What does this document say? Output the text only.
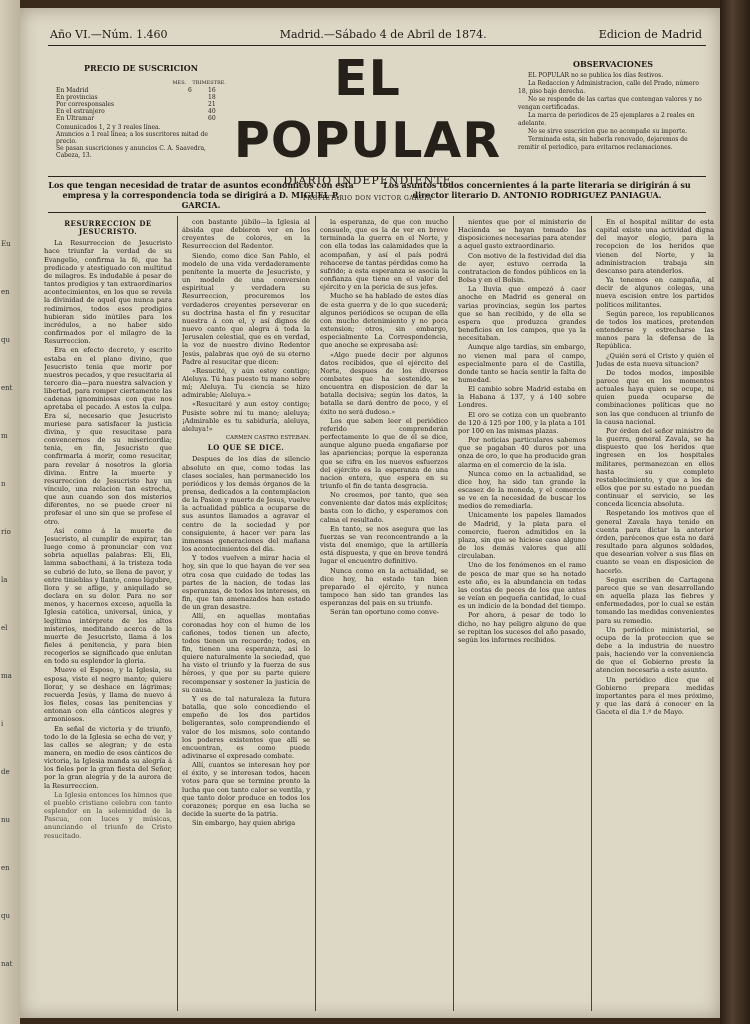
Eu
en
qu
ent
m
n
rio
la
el
ma
i
de
nu
en
qu
nat
Año VI.—Núm. 1.460	Madrid.—Sábado 4 de Abril de 1874.	Edicion de Madrid
PRECIO DE SUSCRICION
MES. TRIMESTRE.
En Madrid	6	16
En provincias	18
Por corresponsales	21
En el estranjero	40
En Ultramar	60
Comunicados 1, 2 y 3 reales línea.
Anuncios a 1 real línea; a los suscritores mitad de precio.
Se pasan suscriciones y anuncios C. A. Saavedra, Cabeza, 13.
EL POPULAR
DIARIO INDEPENDIENTE
PROPIETARIO DON VICTOR GARCIA
OBSERVACIONES
EL POPULAR no se publica los días festivos.
La Redaccion y Administracion, calle del Prado, número 18, piso bajo derecha.
No se responde de las cartas que contengan valores y no vengan certificadas.
La marca de periodicos de 25 ejemplares a 2 reales en adelante.
No se sirve suscricion que no acompañe su importe.
Terminada esta, sin haberla renovado, dejaremos de remitir el periodico, para evitarnos reclamaciones.
Los que tengan necesidad de tratar de asuntos económicos con esta empresa y la correspondencia toda se dirigirá a D. MIGUEL P. GARCIA.
Los asuntos todos concernientes á la parte literaria se dirigirán á su director literario D. ANTONIO RODRIGUEZ PANIAGUA.
RESURRECCION DE JESUCRISTO.

La Resurreccion de Jesucristo hace triunfar la verdad de su Evangelio, confirma la fé, que ha predicado y atestiguado con multitud de milagros. Es indudable á pesar de tantos prodigios y tan extraordinarios acontecimientos, en los que se revela la divinidad de aquel que nunca para redimirnos, todos esos prodigios hubieran sido inútiles para los incrédulos, a no haber sido confirmados por el milagro de la Resurreccion.

Era en efecto decreto, y escrito estaba en el plano divino, que Jesucristo tenia que morir por nuestros pecados, y que resucitaria al tercero dia—para nuestra salvacion y libertad, para romper ciertamente las cadenas ignominiosas con que nos apretaba el pecado. A estos la culpa. Era sí, necesario que Jesucristo muriese para satisfacer la justicia divina, y que resucitase para convencernos de su misericordia; tenia, en fin, Jesucristo que confirmarla á morir, como resucitar, para revelar á nosotros la gloria divina. Entre la muerte y resurreccion de Jesucristo hay un vínculo, una relacion tan estrecha, que aun cuando son dos misterios diferentes, no se puede creer ni profesar el uno sin que se profese el otro.

Así como á la muerte de Jesucristo, al cumplir de expirar, tan luego como á pronunciar con voz sobria aquellas palabras: Eli, Eli, lamma sabacthani, á la tristeza toda se cubrió de luto, se llena de pavor, y entre tinieblas y llanto, como lúgubre, llora y se aflige, y aniquilado se declara en su dolor. Para no ser menos, y hacernos exceso, aquella la Iglesia católica, universal, única, y legítima intérprete de los altos misterios, meditando acerca de la muerte de Jesucristo, llama á los fieles á penitencia, y para bien recogerlos se significado que enlutan en todo su esplendor la gloria.

Mueve el Esposo, y la Iglesia, su esposa, viste el negro manto; quiere llorar, y se deshace en lágrimas; recuerda Jesús, y llama de nuevo á los fieles, cosas las penitencias y entonan con ella cánticos alegres y armoniosos.

En señal de victoria y de triunfo, todo lo de la Iglesia se echa de ver, y las calles se alegran; y de esta manera, en medio de esos cánticos de victoria, la Iglesia manda su alegría á los fieles por la gran fiesta del Señor, por la gran alegría y de la aurora de la Resurreccion.

La Iglesia entonces los himnos que el pueblo cristiano celebra con tanto esplendor en la solemnidad de la Pascua, con luces y músicas, anunciando el triunfo de Cristo resucitado.

con bastante júbilo—la Iglesia al ábsida que debieron ver en los creyentes de colores, en la Resurreccion del Redentor.

Siendo, como dice San Pablo, el modelo de una vida verdaderamente penitente la muerte de Jesucristo, y un modelo de una conversion espiritual y verdadera su Resurreccion, procuremos los verdaderos creyentes perseverar en su doctrina hasta el fin y resucitar nuestra á con el, y así dignos de nuevo canto que alegra á toda la Jerusalen celestial, que es en verdad, la voz de nuestro divino Redentor Jesús, palabras que oyó de su eterno Padre al resucitar que dicen:

«Resucité, y aún estoy contigo; Aleluya. Tú has puesto tu mano sobre mí; Aleluya. Tu ciencia se hizo admirable; Aleluya.»

«Resucitaré y aun estoy contigo; Pusiste sobre mí tu mano; aleluya; ¡Admirable es tu sabiduría, aleluya, aleluya!»

CARMEN CASTRO ESTEBAN.

LO QUE SE DICE.

Despues de los días de silencio absoluto en que, como todas las clases sociales, han permanecido los periódicos y los demás órganos de la prensa, dedicados a la contemplacion de la Pasion y muerte de Jesus, vuelve la actualidad pública a ocuparse de sus asuntos llamados a agravar el centro de la sociedad y por consiguiente, á hacer ver para las inmensas generaciones del mañana los acontecimientos del dia.

Y todos vuelven a mirar hacia el hoy, sin que lo que hayan de ver sea otra cosa que cuidado de todas las partes de la nacion, de todas las esperanzas, de todos los intereses, en fin, que tan amenazados han estado de un gran desastre.

Allí, en aquellas montañas coronadas hoy con el humo de los cañones, todos tienen un afecto, todos tienen un recuerdo; todos, en fin, tienen una esperanza, así lo quiere naturalmente la sociedad, que ha visto el triunfo y la fuerza de sus héroes, y que por su parte quiere recompensar y sostener la justicia de su causa.

Y es de tal naturaleza la futura batalla, que solo concediendo el empeño de los dos partidos beligerantes, solo comprendiendo el valor de los mismos, solo contando los poderes existentes que allí se encuentran, es como puede adivinarse el expresado combate.

Allí, cuantos se interesan hoy por el éxito, y se interesan todos, hacen votos para que se termine pronto la lucha que con tanto calor se ventila, y que tanto dolor produce en todos los corazones; porque en esa lucha se decide la suerte de la patria.

Sin embargo, hay quien abriga

la esperanza, de que con mucho consuelo, que es la de ver en breve terminada la guerra en el Norte, y con ella todas las calamidades que la acompañan, y así el país podrá rehacerse de tantas pérdidas como ha sufrido; a esta esperanza se asocia la confianza que tiene en el valor del ejército y en la pericia de sus jefes.

Mucho se ha hablado de estos días de esta guerra y de lo que sucederá; algunos periódicos se ocupan de ella con mucho detenimiento y no poca extension; otros, sin embargo, especialmente La Correspondencia, que anoche se expresaba así:

«Algo puede decir por algunos datos recibidos, que el ejército del Norte, despues de los diversos combates que ha sostenido, se encuentra en disposicion de dar la batalla decisiva; según los datos, la batalla se dará dentro de poco, y el éxito no será dudoso.»

Los que saben leer el periódico referido comprenderán perfectamente lo que de él se dice, aunque alguno pueda engañarse por las apariencias; porque la esperanza que se cifra en los nuevos esfuerzos del ejército es la esperanza de una nacion entera, que espera en su triunfo el fin de tanta desgracia.

No creemos, por tanto, que sea conveniente dar datos más explícitos; basta con lo dicho, y esperamos con calma el resultado.

En tanto, se nos asegura que las fuerzas se van reconcentrando a la vista del enemigo, que la artillería está dispuesta, y que en breve tendrá lugar el encuentro definitivo.

Nunca como en la actualidad, se dice hoy, ha estado tan bien preparado el ejército, y nunca tampoco han sido tan grandes las esperanzas del pais en su triunfo.

Serán tan oportuno como conve-

nientes que por el ministerio de Hacienda se hayan tomado las disposiciones necesarias para atender a aquel gasto extraordinario.

Con motivo de la festividad del dia de ayer, estuvo cerrada la contratacion de fondos públicos en la Bolsa y en el Bolsin.

La lluvia que empezó á caer anoche en Madrid es general en varias provincias, según los partes que se han recibido, y de ella se espera que produzca grandes beneficios en los campos, que ya la necesitaban.

Aunque algo tardías, sin embargo, no vienen mal para el campo, especialmente para el de Castilla, donde tanto se hacía sentir la falta de humedad.

El cambio sobre Madrid estaba en la Habana á 137, y á 140 sobre Londres.

El oro se cotiza con un quebranto de 120 á 125 por 100, y la plata a 101 por 100 en las mismas plazas.

Por noticias particulares sabemos que se pagaban 40 duros por una onza de oro, lo que ha producido gran alarma en el comercio de la isla.

Nunca como en la actualidad, se dice hoy, ha sido tan grande la escasez de la moneda, y el comercio se ve en la necesidad de buscar los medios de remediarla.

Unicamente los papeles llamados de Madrid, y la plata para el comercio, fueron admitidos en la plaza, sin que se hiciese caso alguno de los demás valores que allí circulaban.

Uno de los fenómenos en el ramo de pesca de mar que se ha notado este año, es la abundancia en todas las costas de peces de los que antes se veían en pequeña cantidad, lo cual es un indicio de la bondad del tiempo.

Por ahora, á pesar de todo lo dicho, no hay peligro alguno de que se repitan los sucesos del año pasado, según los informes recibidos.

En el hospital militar de esta capital existe una actividad digna del mayor elogio, para la recepcion de los heridos que vienen del Norte, y la administracion trabaja sin descanso para atenderlos.

Ya tenemos en campaña, al decir de algunos colegas, una nueva escision entre los partidos políticos militantes.

Según parece, los republicanos de todos los matices, pretenden entenderse y estrecharse las manos para la defensa de la República.

¿Quién será el Cristo y quién el Judas de esta nueva situacion?

De todos modos, imposible parece que en los momentos actuales haya quien se ocupe, ni quien pueda ocuparse de combinaciones políticas que no son las que conducen al triunfo de la causa nacional.

Por órden del señor ministro de la guerra, general Zavala, se ha dispuesto que los heridos que ingresen en los hospitales militares, permanezcan en ellos hasta su completo restablecimiento, y que a los de ellos que por su estado no puedan continuar el servicio, se les conceda licencia absoluta.

Respetando los motivos que el general Zavala haya tenido en cuenta para dictar la anterior órden, parécenos que esta no dará resultado para algunos soldados, que desearían volver a sus filas en cuanto se vean en disposicion de hacerlo.

Segun escriben de Cartagena parece que se van desarrollando en aquella plaza las fiebres y enfermedades, por lo cual se están tomando las medidas convenientes para su remedio.

Un periódico ministerial, se ocupa de la proteccion que se debe a la industria de nuestro país, haciendo ver la conveniencia de que el Gobierno preste la atencion necesaria a este asunto.

Un periódico dice que el Gobierno prepara medidas importantes para el mes próximo, y que las dará á conocer en la Gaceta el dia 1.º de Mayo.
